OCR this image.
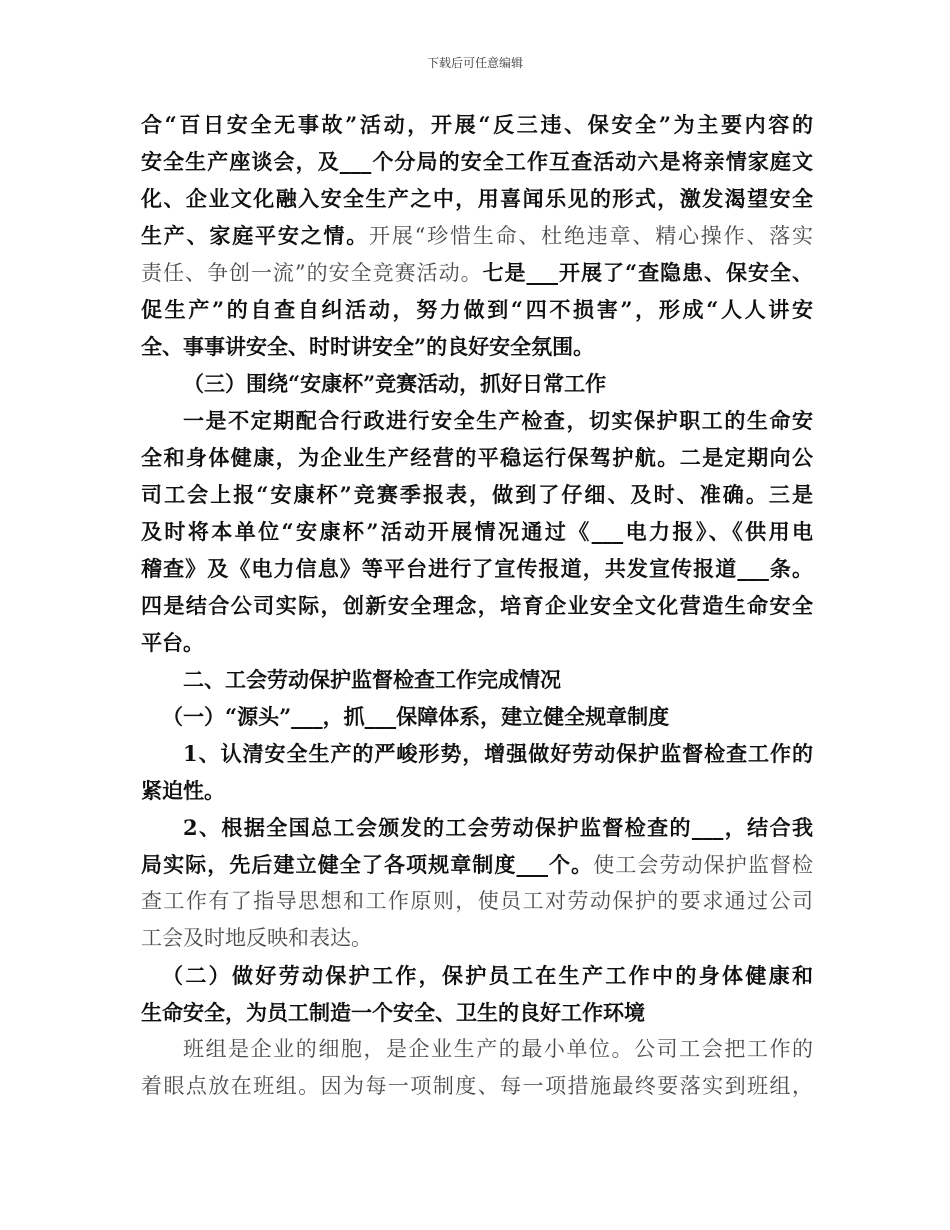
下载后可任意编辑
合“百日安全无事故”活动，开展“反三违、保安全”为主要内容的
安全生产座谈会，及___个分局的安全工作互查活动六是将亲情家庭文
化、企业文化融入安全生产之中，用喜闻乐见的形式，激发渴望安全
生产、家庭平安之情。开展“珍惜生命、杜绝违章、精心操作、落实
责任、争创一流”的安全竞赛活动。七是___开展了“查隐患、保安全、
促生产”的自查自纠活动，努力做到“四不损害”，形成“人人讲安
全、事事讲安全、时时讲安全”的良好安全氛围。
（三）围绕“安康杯”竞赛活动，抓好日常工作
一是不定期配合行政进行安全生产检查，切实保护职工的生命安
全和身体健康，为企业生产经营的平稳运行保驾护航。二是定期向公
司工会上报“安康杯”竞赛季报表，做到了仔细、及时、准确。三是
及时将本单位“安康杯”活动开展情况通过《___电力报》、《供用电
稽查》及《电力信息》等平台进行了宣传报道，共发宣传报道___条。
四是结合公司实际，创新安全理念，培育企业安全文化营造生命安全
平台。
二、工会劳动保护监督检查工作完成情况
（一）“源头”___，抓___保障体系，建立健全规章制度
1、认清安全生产的严峻形势，增强做好劳动保护监督检查工作的
紧迫性。
2、根据全国总工会颁发的工会劳动保护监督检查的___，结合我
局实际，先后建立健全了各项规章制度___个。使工会劳动保护监督检
查工作有了指导思想和工作原则，使员工对劳动保护的要求通过公司
工会及时地反映和表达。
（二）做好劳动保护工作，保护员工在生产工作中的身体健康和
生命安全，为员工制造一个安全、卫生的良好工作环境
班组是企业的细胞，是企业生产的最小单位。公司工会把工作的
着眼点放在班组。因为每一项制度、每一项措施最终要落实到班组，
